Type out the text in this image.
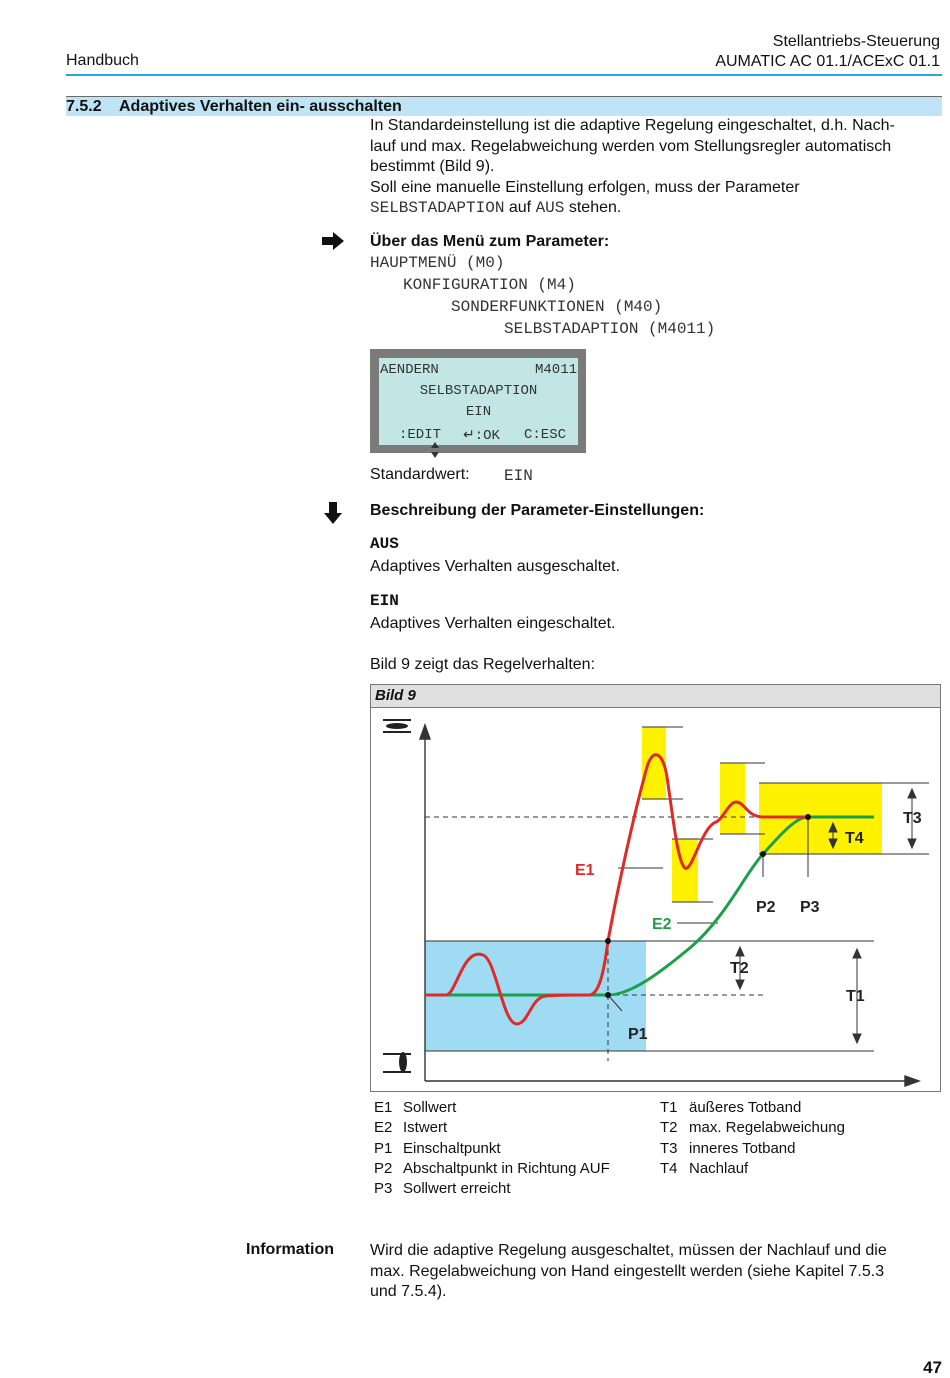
Handbuch
Stellantriebs-Steuerung
AUMATIC AC 01.1/ACExC 01.1
7.5.2 Adaptives Verhalten ein- ausschalten
In Standardeinstellung ist die adaptive Regelung eingeschaltet, d.h. Nach-
lauf und max. Regelabweichung werden vom Stellungsregler automatisch
bestimmt (Bild 9).
Soll eine manuelle Einstellung erfolgen, muss der Parameter
SELBSTADAPTION auf AUS stehen.
Über das Menü zum Parameter:
HAUPTMENÜ (M0)
KONFIGURATION (M4)
SONDERFUNKTIONEN (M40)
SELBSTADAPTION (M4011)
AENDERN	M4011
SELBSTADAPTION
EIN

:EDIT ↵:OK C:ESC
Standardwert: EIN
Beschreibung der Parameter-Einstellungen:
AUS
Adaptives Verhalten ausgeschaltet.
EIN
Adaptives Verhalten eingeschaltet.
Bild 9 zeigt das Regelverhalten:
Bild 9
E1
E2
P1
P2 P3
T1
T2
T3
T4
E1 Sollwert
E2 Istwert
P1 Einschaltpunkt
P2 Abschaltpunkt in Richtung AUF
P3 Sollwert erreicht
T1 äußeres Totband
T2 max. Regelabweichung
T3 inneres Totband
T4 Nachlauf
Information Wird die adaptive Regelung ausgeschaltet, müssen der Nachlauf und die
max. Regelabweichung von Hand eingestellt werden (siehe Kapitel 7.5.3
und 7.5.4).
47
